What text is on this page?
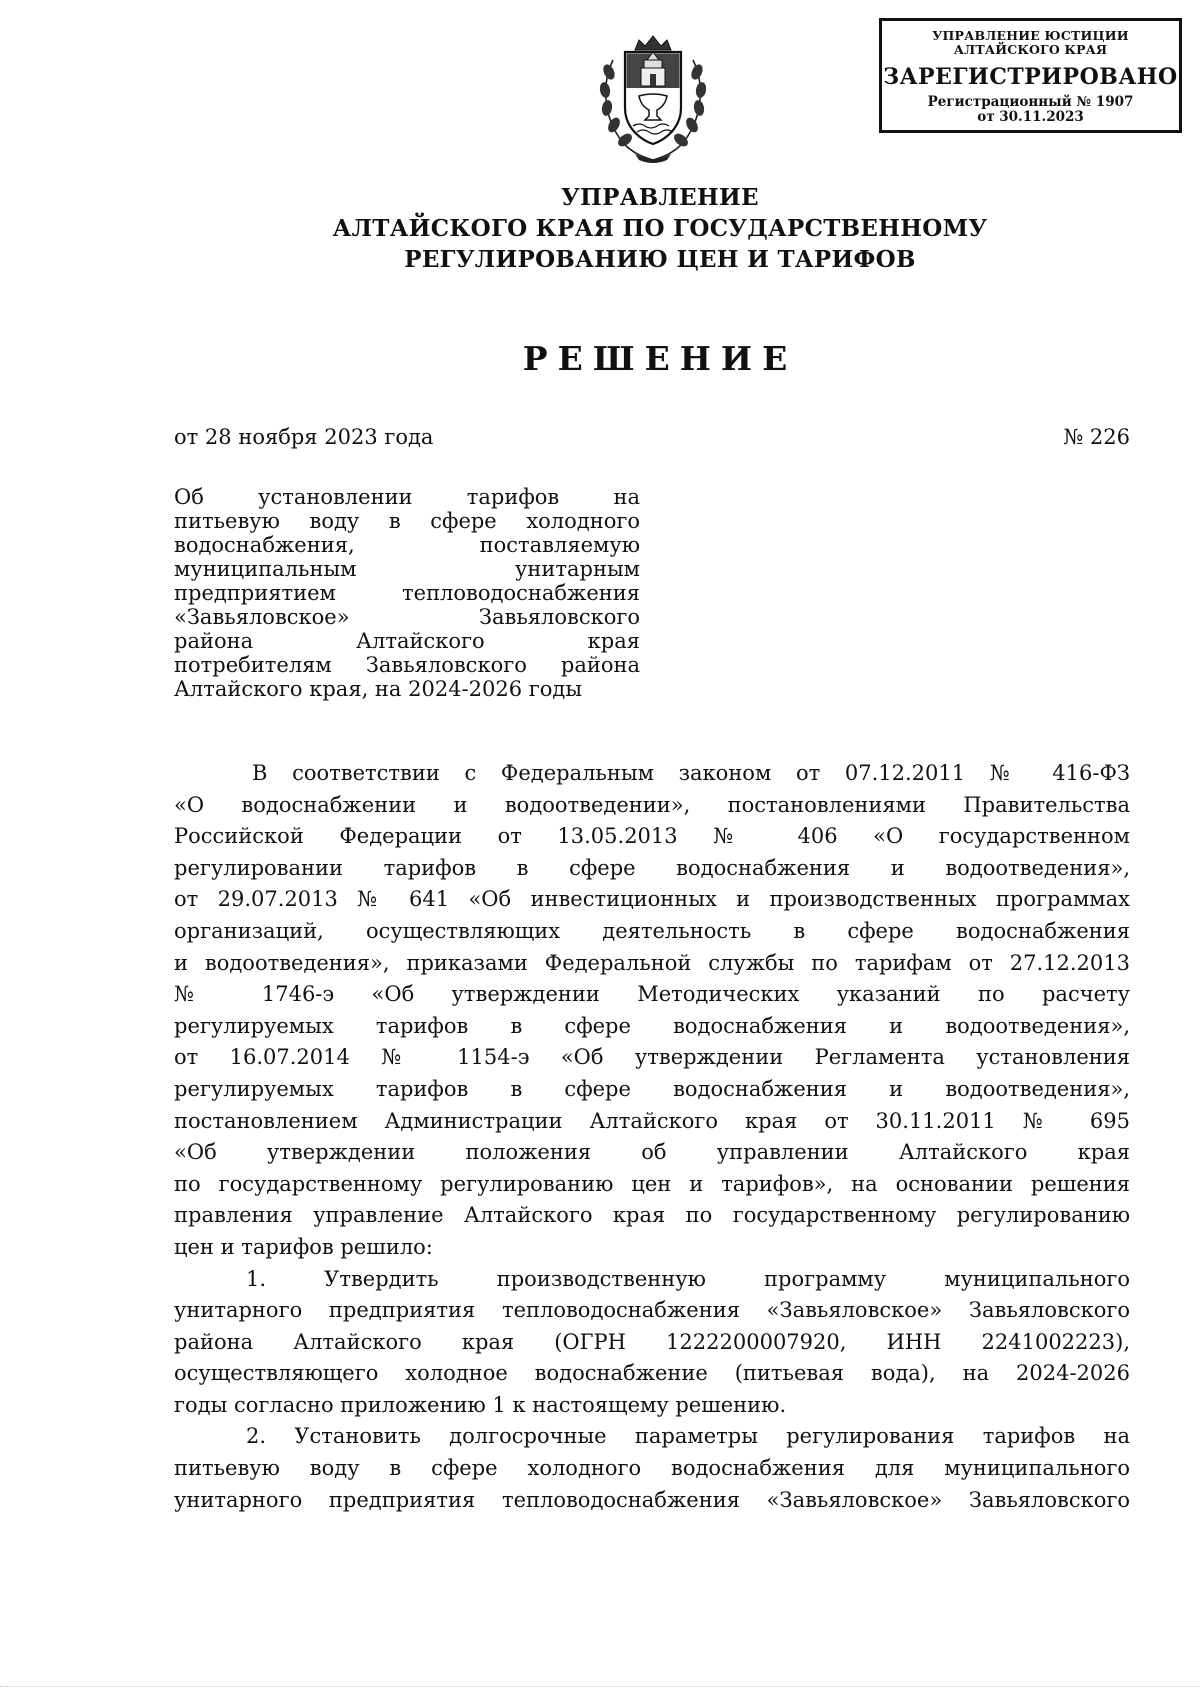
УПРАВЛЕНИЕ ЮСТИЦИИ
АЛТАЙСКОГО КРАЯ
ЗАРЕГИСТРИРОВАНО
Регистрационный № 1907
от 30.11.2023
УПРАВЛЕНИЕ
АЛТАЙСКОГО КРАЯ ПО ГОСУДАРСТВЕННОМУ
РЕГУЛИРОВАНИЮ ЦЕН И ТАРИФОВ
РЕШЕНИЕ
от 28 ноября 2023 года	№ 226
Об установлении тарифов на
питьевую воду в сфере холодного
водоснабжения, поставляемую
муниципальным унитарным
предприятием тепловодоснабжения
«Завьяловское»	Завьяловского
района Алтайского края
потребителям Завьяловского района
Алтайского края, на 2024-2026 годы
В соответствии с Федеральным законом от 07.12.2011 № 416-ФЗ
«О водоснабжении и водоотведении», постановлениями Правительства
Российской Федерации от 13.05.2013 № 406 «О государственном
регулировании тарифов в сфере водоснабжения и водоотведения»,
от 29.07.2013 № 641 «Об инвестиционных и производственных программах
организаций, осуществляющих деятельность в сфере водоснабжения
и водоотведения», приказами Федеральной службы по тарифам от 27.12.2013
№ 1746-э «Об утверждении Методических указаний по расчету
регулируемых тарифов в сфере водоснабжения и водоотведения»,
от 16.07.2014 № 1154-э «Об утверждении Регламента установления
регулируемых тарифов в сфере водоснабжения и водоотведения»,
постановлением Администрации Алтайского края от 30.11.2011 № 695
«Об утверждении положения об управлении Алтайского края
по государственному регулированию цен и тарифов», на основании решения
правления управление Алтайского края по государственному регулированию
цен и тарифов решило:
1. Утвердить производственную программу муниципального
унитарного предприятия тепловодоснабжения «Завьяловское» Завьяловского
района Алтайского края (ОГРН 1222200007920, ИНН 2241002223),
осуществляющего холодное водоснабжение (питьевая вода), на 2024-2026
годы согласно приложению 1 к настоящему решению.
2. Установить долгосрочные параметры регулирования тарифов на
питьевую воду в сфере холодного водоснабжения для муниципального
унитарного предприятия тепловодоснабжения «Завьяловское» Завьяловского
